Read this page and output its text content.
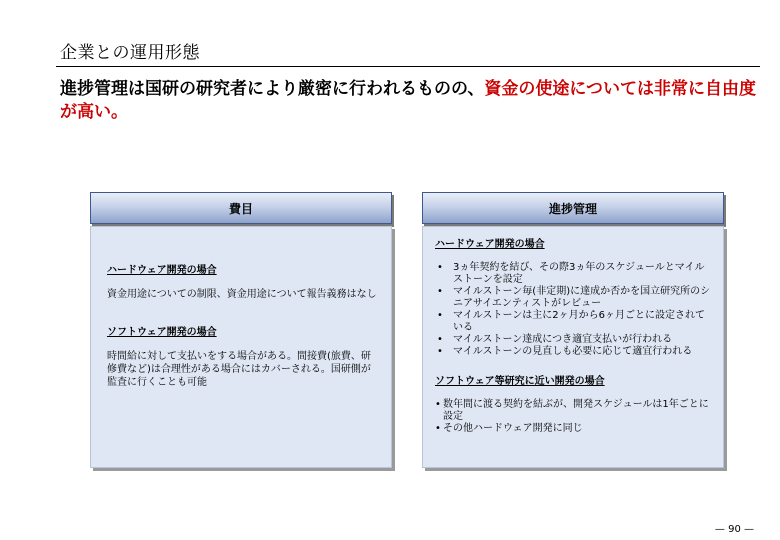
企業との運用形態
進捗管理は国研の研究者により厳密に行われるものの、資金の使途については非常に自由度が高い。
費目

ハードウェア開発の場合

資金用途についての制限、資金用途について報告義務はなし

ソフトウェア開発の場合

時間給に対して支払いをする場合がある。間接費(旅費、研修費など)は合理性がある場合にはカバーされる。国研側が監査に行くことも可能

進捗管理

ハードウェア開発の場合

• 3ヵ年契約を結び、その際3ヵ年のスケジュールとマイルストーンを設定
• マイルストーン毎(非定期)に達成か否かを国立研究所のシニアサイエンティストがレビュー
• マイルストーンは主に2ヶ月から6ヶ月ごとに設定されている
• マイルストーン達成につき適宜支払いが行われる
• マイルストーンの見直しも必要に応じて適宜行われる

ソフトウェア等研究に近い開発の場合

• 数年間に渡る契約を結ぶが、開発スケジュールは1年ごとに設定
• その他ハードウェア開発に同じ
— 90 —
